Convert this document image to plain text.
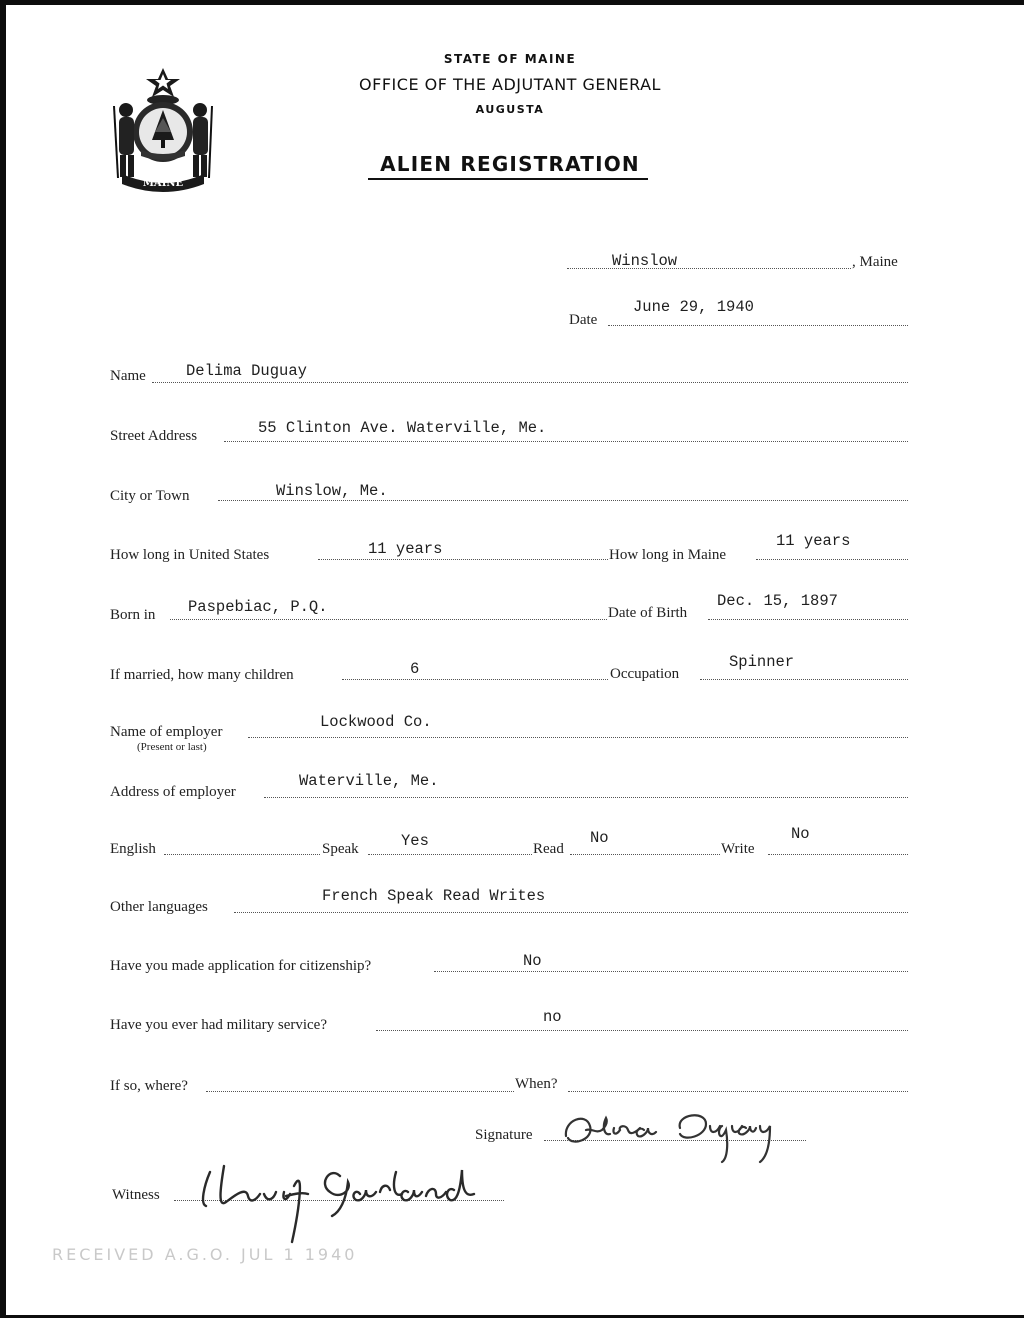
MAINE
STATE OF MAINE
OFFICE OF THE ADJUTANT GENERAL
AUGUSTA
ALIEN REGISTRATION
Winslow	, Maine
Date
June 29, 1940
Name	Delima Duguay
Street Address	55 Clinton Ave. Waterville, Me.
City or Town	Winslow, Me.
How long in United States	11 years	How long in Maine
11 years
Born in Paspebiac, P.Q.	Date of Birth
Dec. 15, 1897
If married, how many children	6	Occupation
Spinner
Name of employer
(Present or last)
Lockwood Co.
Address of employer
Waterville, Me.
English	Speak	Yes	Read
No
Write
No
Other languages
French Speak Read Writes
Have you made application for citizenship?	No
Have you ever had military service?	no
If so, where?	When?
Signature
Witness
RECEIVED A.G.O. JUL 1 1940
